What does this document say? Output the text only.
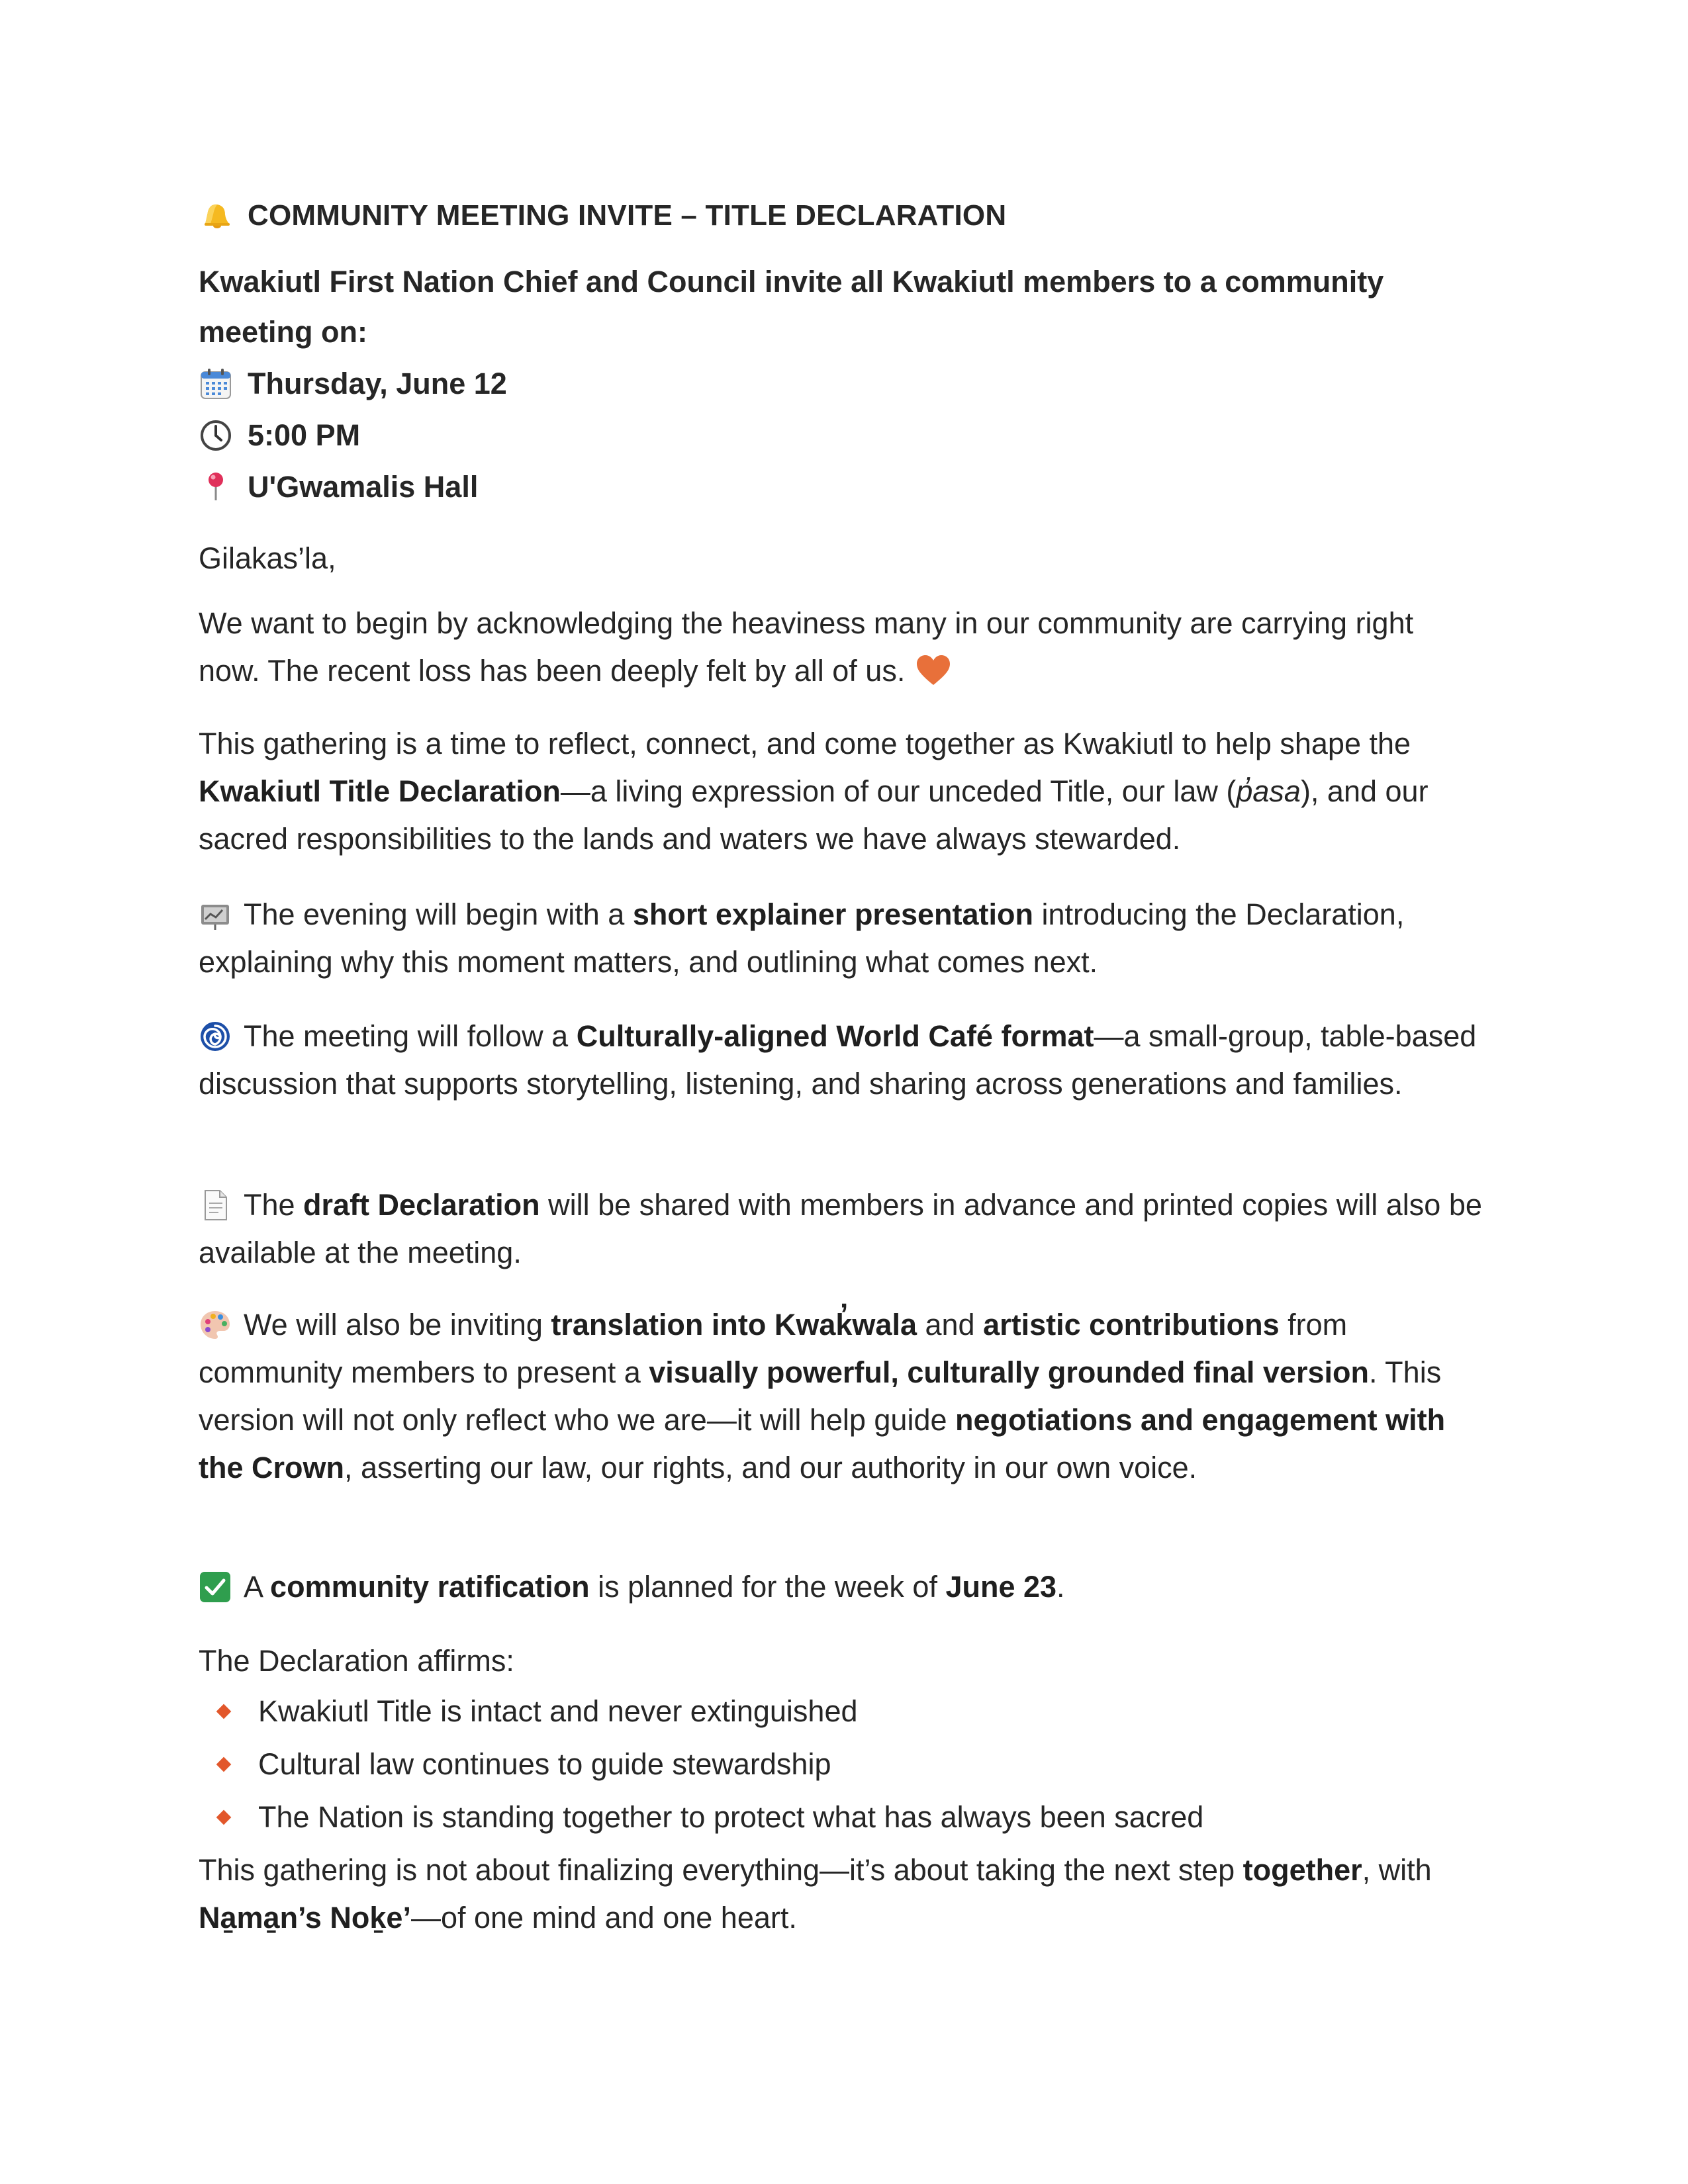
COMMUNITY MEETING INVITE – TITLE DECLARATION
Kwakiutl First Nation Chief and Council invite all Kwakiutl members to a community meeting on:
Thursday, June 12
5:00 PM
U'Gwamalis Hall
Gilakas’la,
We want to begin by acknowledging the heaviness many in our community are carrying right now. The recent loss has been deeply felt by all of us.
This gathering is a time to reflect, connect, and come together as Kwakiutl to help shape the Kwakiutl Title Declaration—a living expression of our unceded Title, our law (p̓asa), and our sacred responsibilities to the lands and waters we have always stewarded.
The evening will begin with a short explainer presentation introducing the Declaration, explaining why this moment matters, and outlining what comes next.
The meeting will follow a Culturally-aligned World Café format—a small-group, table-based discussion that supports storytelling, listening, and sharing across generations and families.
The draft Declaration will be shared with members in advance and printed copies will also be available at the meeting.
We will also be inviting translation into Kwak̓wala and artistic contributions from community members to present a visually powerful, culturally grounded final version. This version will not only reflect who we are—it will help guide negotiations and engagement with the Crown, asserting our law, our rights, and our authority in our own voice.
A community ratification is planned for the week of June 23.
The Declaration affirms:
Kwakiutl Title is intact and never extinguished
Cultural law continues to guide stewardship
The Nation is standing together to protect what has always been sacred
This gathering is not about finalizing everything—it’s about taking the next step together, with Na̱ma̱n’s Noḵe’—of one mind and one heart.
